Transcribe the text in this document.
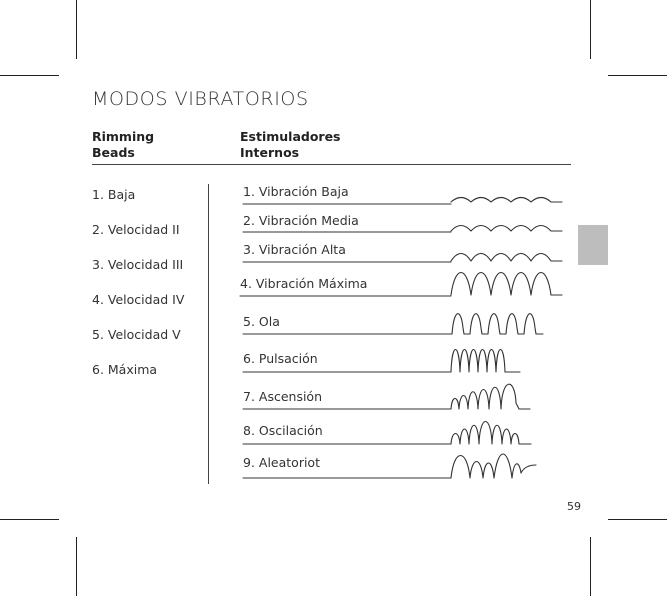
MODOS VIBRATORIOS
Rimming
Beads
Estimuladores
Internos
1. Baja
2. Velocidad II
3. Velocidad III
4. Velocidad IV
5. Velocidad V
6. Máxima
1. Vibración Baja
2. Vibración Media
3. Vibración Alta
4. Vibración Máxima
5. Ola
6. Pulsación
7. Ascensión
8. Oscilación
9. Aleatoriot
59
